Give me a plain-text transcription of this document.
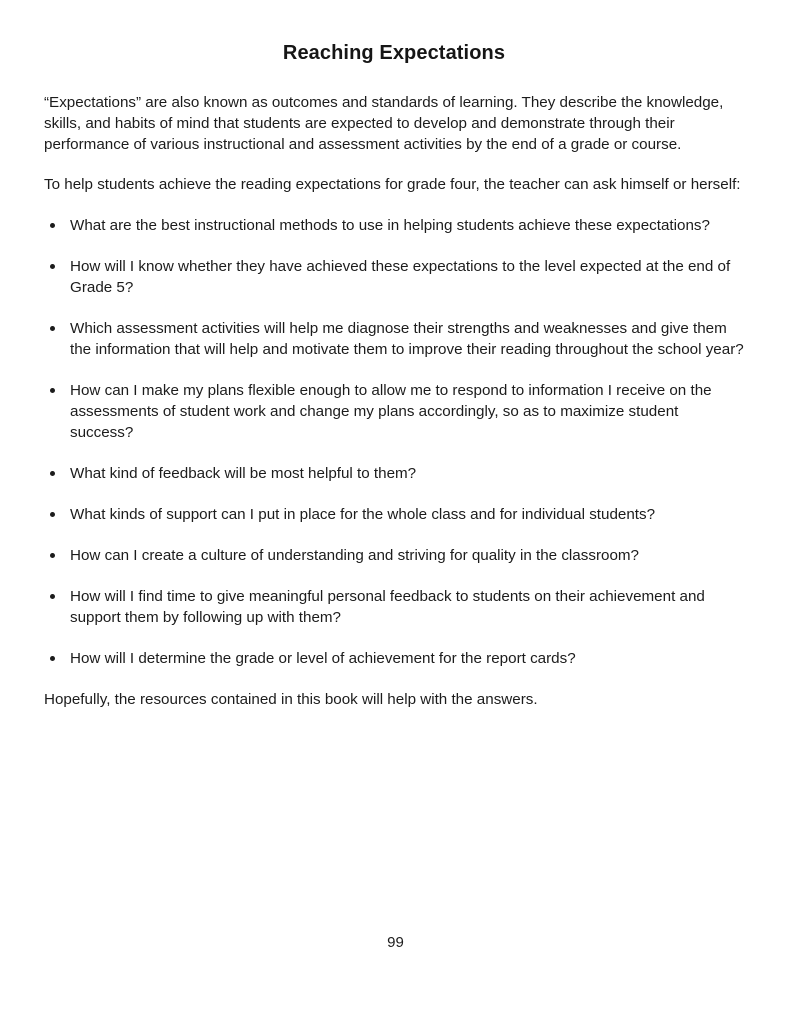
Reaching Expectations

“Expectations” are also known as outcomes and standards of learning. They describe the knowledge, skills, and habits of mind that students are expected to develop and demonstrate through their performance of various instructional and assessment activities by the end of a grade or course.

To help students achieve the reading expectations for grade four, the teacher can ask himself or herself:

What are the best instructional methods to use in helping students achieve these expectations?
How will I know whether they have achieved these expectations to the level expected at the end of Grade 5?
Which assessment activities will help me diagnose their strengths and weaknesses and give them the information that will help and motivate them to improve their reading throughout the school year?
How can I make my plans flexible enough to allow me to respond to information I receive on the assessments of student work and change my plans accordingly, so as to maximize student success?
What kind of feedback will be most helpful to them?
What kinds of support can I put in place for the whole class and for individual students?
How can I create a culture of understanding and striving for quality in the classroom?
How will I find time to give meaningful personal feedback to students on their achievement and support them by following up with them?
How will I determine the grade or level of achievement for the report cards?

Hopefully, the resources contained in this book will help with the answers.

99
